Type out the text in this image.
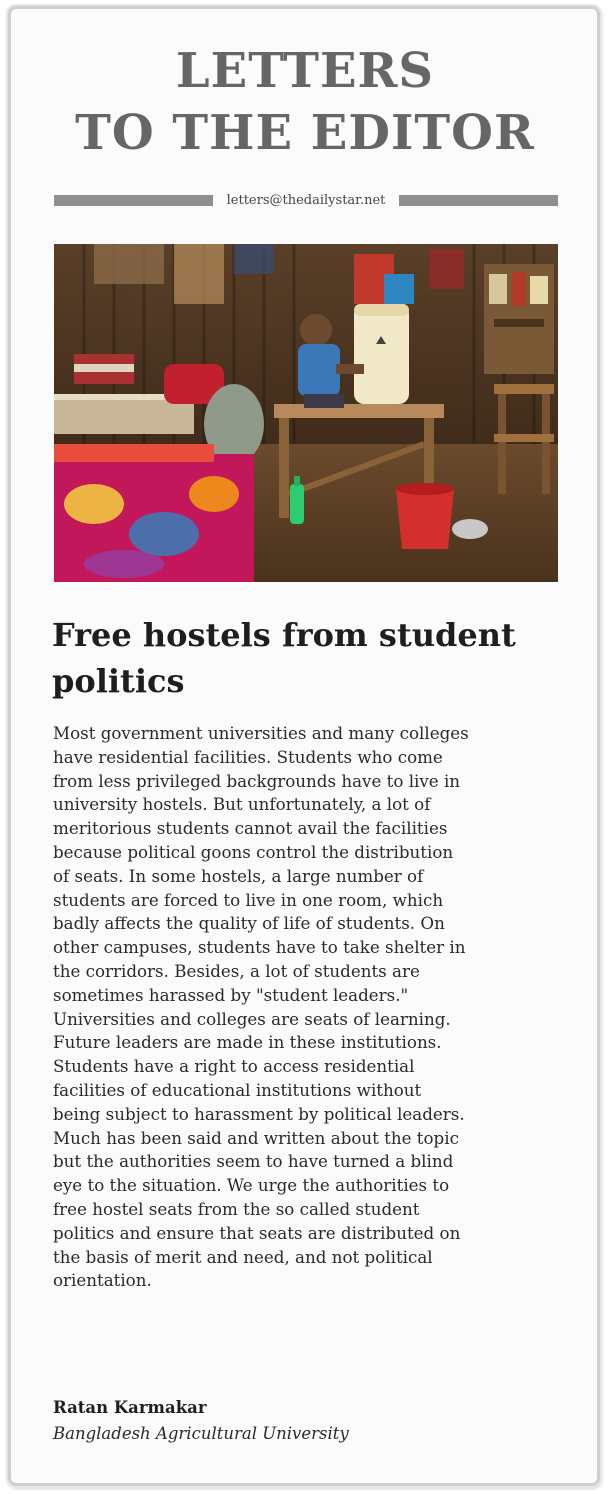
LETTERS
TO THE EDITOR
letters@thedailystar.net
Free hostels from student
politics

Most government universities and many colleges
have residential facilities. Students who come
from less privileged backgrounds have to live in
university hostels. But unfortunately, a lot of
meritorious students cannot avail the facilities
because political goons control the distribution
of seats. In some hostels, a large number of
students are forced to live in one room, which
badly affects the quality of life of students. On
other campuses, students have to take shelter in
the corridors. Besides, a lot of students are
sometimes harassed by "student leaders."
Universities and colleges are seats of learning.
Future leaders are made in these institutions.
Students have a right to access residential
facilities of educational institutions without
being subject to harassment by political leaders.
Much has been said and written about the topic
but the authorities seem to have turned a blind
eye to the situation. We urge the authorities to
free hostel seats from the so called student
politics and ensure that seats are distributed on
the basis of merit and need, and not political
orientation.

Ratan Karmakar
Bangladesh Agricultural University
